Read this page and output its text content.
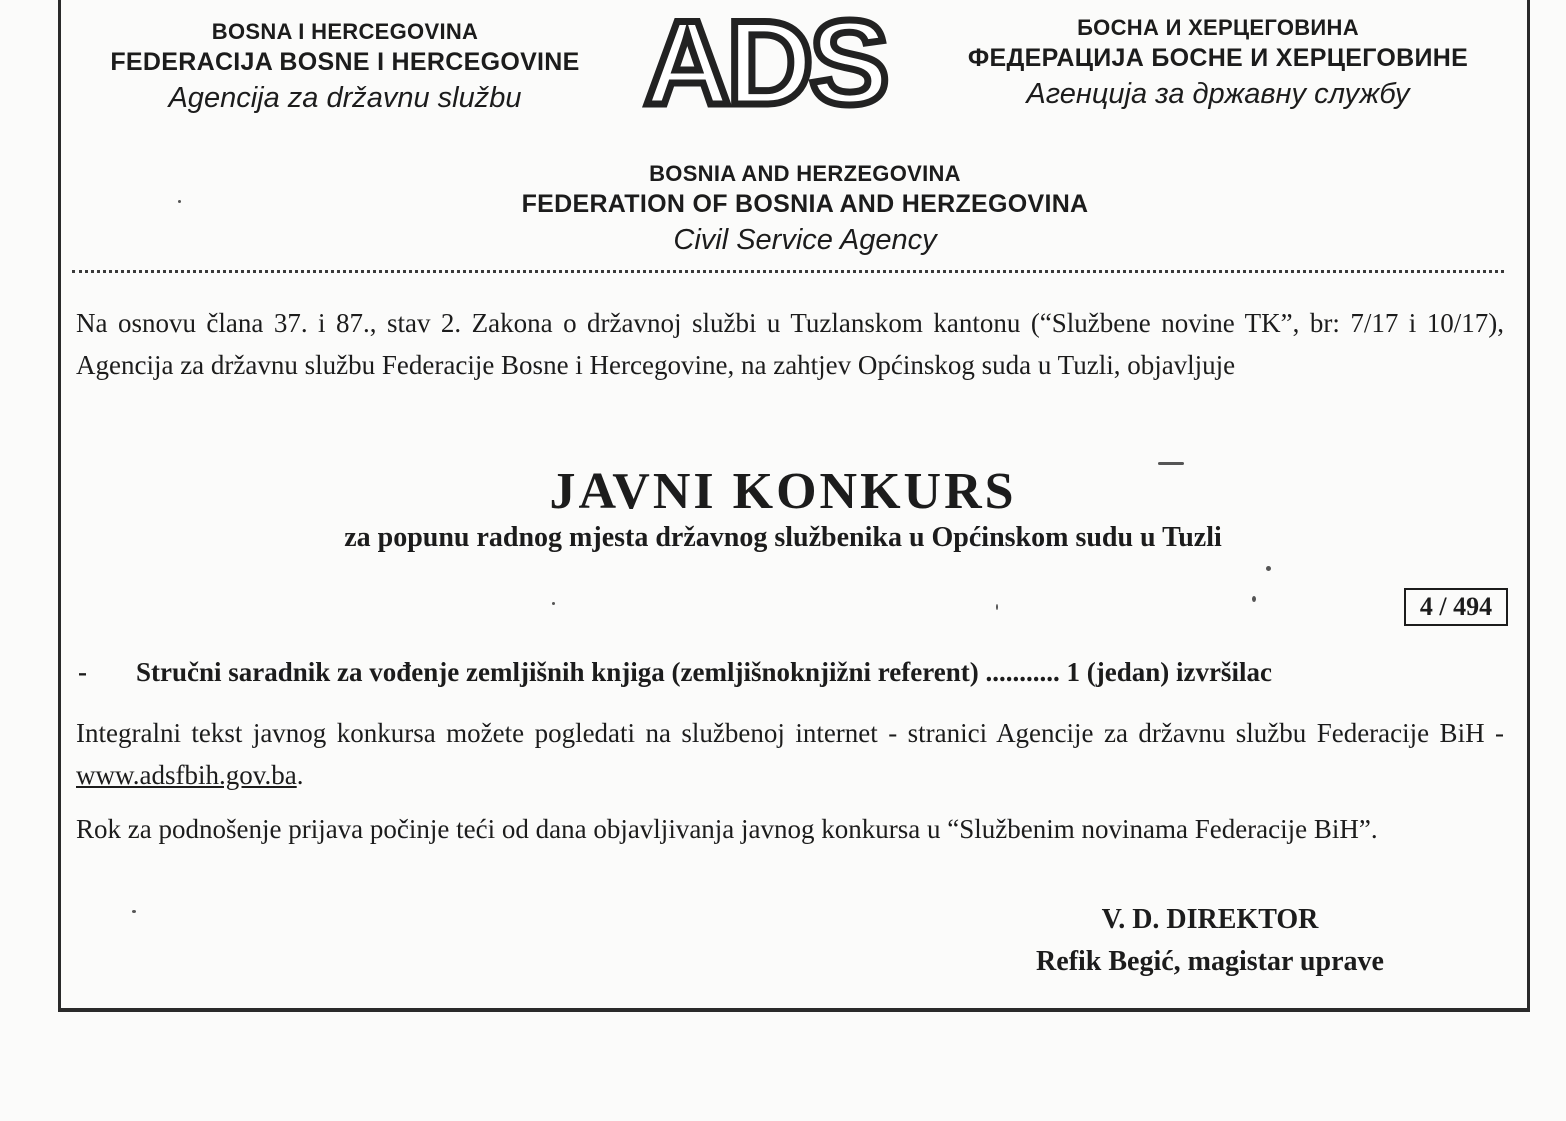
BOSNA I HERCEGOVINA
FEDERACIJA BOSNE I HERCEGOVINE
Agencija za državnu službu	ADS	БОСНА И ХЕРЦЕГОВИНА
ФЕДЕРАЦИЈА БОСНЕ И ХЕРЦЕГОВИНЕ
Агенција за државну службу
BOSNIA AND HERZEGOVINA
FEDERATION OF BOSNIA AND HERZEGOVINA
Civil Service Agency
Na osnovu člana 37. i 87., stav 2. Zakona o državnoj službi u Tuzlanskom kantonu (“Službene novine TK”, br: 7/17 i 10/17), Agencija za državnu službu Federacije Bosne i Hercegovine, na zahtjev Općinskog suda u Tuzli, objavljuje
JAVNI KONKURS
za popunu radnog mjesta državnog službenika u Općinskom sudu u Tuzli
4 / 494
- Stručni saradnik za vođenje zemljišnih knjiga (zemljišnoknjižni referent) ........... 1 (jedan) izvršilac
Integralni tekst javnog konkursa možete pogledati na službenoj internet - stranici Agencije za državnu službu Federacije BiH - www.adsfbih.gov.ba.
Rok za podnošenje prijava počinje teći od dana objavljivanja javnog konkursa u “Službenim novinama Federacije BiH”.
V. D. DIREKTOR
Refik Begić, magistar uprave
